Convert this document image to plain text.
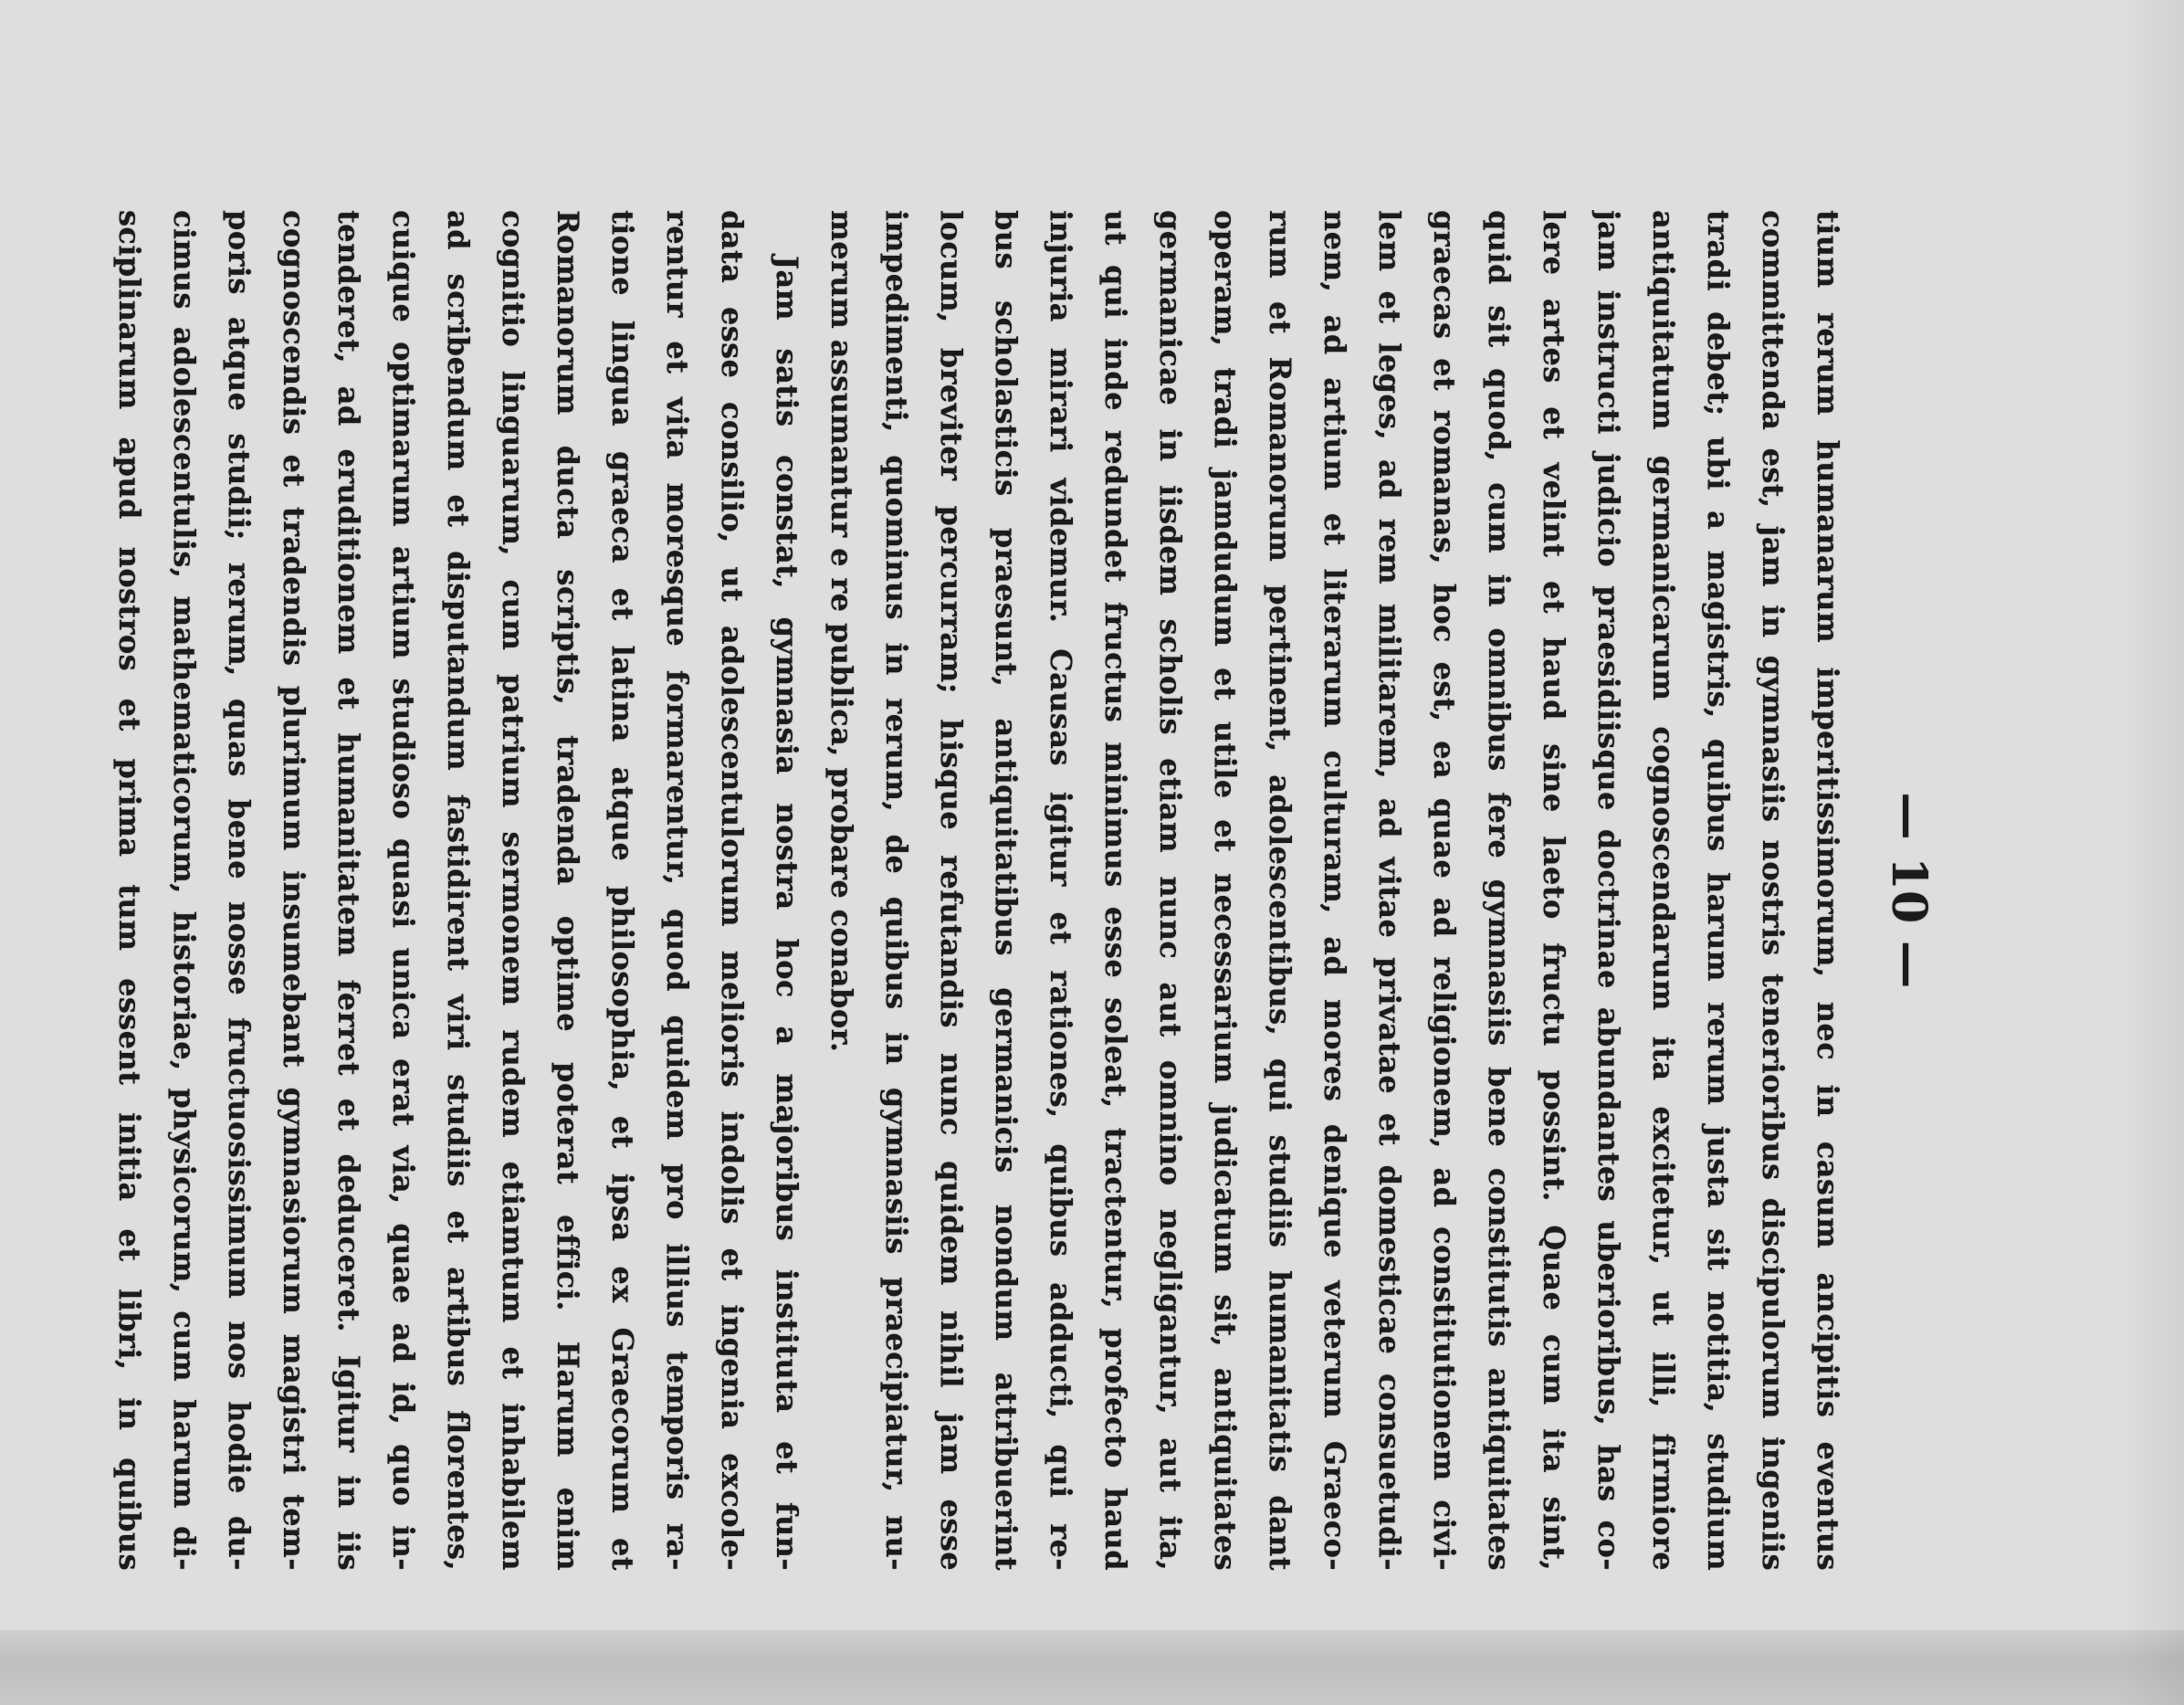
— 10 —
tium rerum humanarum imperitissimorum, nec in casum ancipitis eventus
committenda est, jam in gymnasiis nostris tenerioribus discipulorum ingeniis
tradi debet; ubi a magistris, quibus harum rerum justa sit notitia, studium
antiquitatum germanicarum cognoscendarum ita excitetur, ut illi, firmiore
jam instructi judicio praesidiisque doctrinae abundantes uberioribus, has co-
lere artes et velint et haud sine laeto fructu possint. Quae cum ita sint,
quid sit quod, cum in omnibus fere gymnasiis bene constitutis antiquitates
graecas et romanas, hoc est, ea quae ad religionem, ad constitutionem civi-
lem et leges, ad rem militarem, ad vitae privatae et domesticae consuetudi-
nem, ad artium et literarum culturam, ad mores denique veterum Graeco-
rum et Romanorum pertinent, adolescentibus, qui studiis humanitatis dant
operam, tradi jamdudum et utile et necessarium judicatum sit, antiquitates
germanicae in iisdem scholis etiam nunc aut omnino negligantur, aut ita,
ut qui inde redundet fructus minimus esse soleat, tractentur, profecto haud
injuria mirari videmur. Causas igitur et rationes, quibus adducti, qui re-
bus scholasticis praesunt, antiquitatibus germanicis nondum attribuerint
locum, breviter percurram; hisque refutandis nunc quidem nihil jam esse
impedimenti, quominus in rerum, de quibus in gymnasiis praecipiatur, nu-
merum assumantur e re publica, probare conabor.
Jam satis constat, gymnasia nostra hoc a majoribus instituta et fun-
data esse consilio, ut adolescentulorum melioris indolis et ingenia excole-
rentur et vita moresque formarentur, quod quidem pro illius temporis ra-
tione lingua graeca et latina atque philosophia, et ipsa ex Graecorum et
Romanorum ducta scriptis, tradenda optime poterat effici. Harum enim
cognitio linguarum, cum patrium sermonem rudem etiamtum et inhabilem
ad scribendum et disputandum fastidirent viri studiis et artibus florentes,
cuique optimarum artium studioso quasi unica erat via, quae ad id, quo in-
tenderet, ad eruditionem et humanitatem ferret et deduceret. Igitur in iis
cognoscendis et tradendis plurimum insumebant gymnasiorum magistri tem-
poris atque studii; rerum, quas bene nosse fructuosissimum nos hodie du-
cimus adolescentulis, mathematicorum, historiae, physicorum, cum harum di-
sciplinarum apud nostros et prima tum essent initia et libri, in quibus
